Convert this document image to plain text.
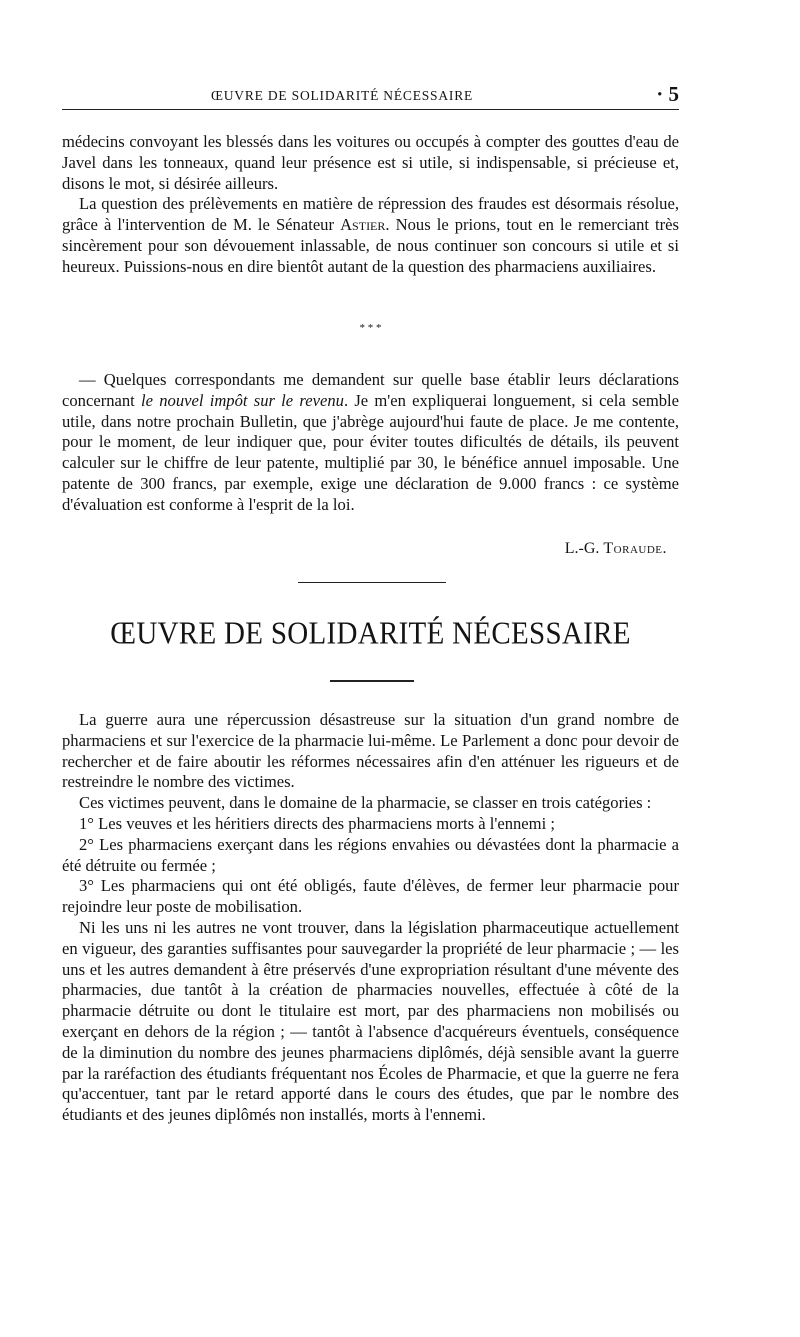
ŒUVRE DE SOLIDARITÉ NÉCESSAIRE	· 5

médecins convoyant les blessés dans les voitures ou occupés à compter des gouttes d'eau de Javel dans les tonneaux, quand leur présence est si utile, si indispensable, si précieuse et, disons le mot, si désirée ailleurs.

La question des prélèvements en matière de répression des fraudes est désormais résolue, grâce à l'intervention de M. le Sénateur Astier. Nous le prions, tout en le remerciant très sincèrement pour son dévouement inlassable, de nous continuer son concours si utile et si heureux. Puissions-nous en dire bientôt autant de la question des pharmaciens auxiliaires.

* * *

— Quelques correspondants me demandent sur quelle base établir leurs déclarations concernant le nouvel impôt sur le revenu. Je m'en expliquerai longuement, si cela semble utile, dans notre prochain Bulletin, que j'abrège aujourd'hui faute de place. Je me contente, pour le moment, de leur indiquer que, pour éviter toutes dificultés de détails, ils peuvent calculer sur le chiffre de leur patente, multiplié par 30, le bénéfice annuel imposable. Une patente de 300 francs, par exemple, exige une déclaration de 9.000 francs : ce système d'évaluation est conforme à l'esprit de la loi.

L.-G. Toraude.
ŒUVRE DE SOLIDARITÉ NÉCESSAIRE

La guerre aura une répercussion désastreuse sur la situation d'un grand nombre de pharmaciens et sur l'exercice de la pharmacie lui-même. Le Parlement a donc pour devoir de rechercher et de faire aboutir les réformes nécessaires afin d'en atténuer les rigueurs et de restreindre le nombre des victimes.

Ces victimes peuvent, dans le domaine de la pharmacie, se classer en trois catégories :

1° Les veuves et les héritiers directs des pharmaciens morts à l'ennemi ;

2° Les pharmaciens exerçant dans les régions envahies ou dévastées dont la pharmacie a été détruite ou fermée ;

3° Les pharmaciens qui ont été obligés, faute d'élèves, de fermer leur pharmacie pour rejoindre leur poste de mobilisation.

Ni les uns ni les autres ne vont trouver, dans la législation pharmaceutique actuellement en vigueur, des garanties suffisantes pour sauvegarder la propriété de leur pharmacie ; — les uns et les autres demandent à être préservés d'une expropriation résultant d'une mévente des pharmacies, due tantôt à la création de pharmacies nouvelles, effectuée à côté de la pharmacie détruite ou dont le titulaire est mort, par des pharmaciens non mobilisés ou exerçant en dehors de la région ; — tantôt à l'absence d'acquéreurs éventuels, conséquence de la diminution du nombre des jeunes pharmaciens diplômés, déjà sensible avant la guerre par la raréfaction des étudiants fréquentant nos Écoles de Pharmacie, et que la guerre ne fera qu'accentuer, tant par le retard apporté dans le cours des études, que par le nombre des étudiants et des jeunes diplômés non installés, morts à l'ennemi.
